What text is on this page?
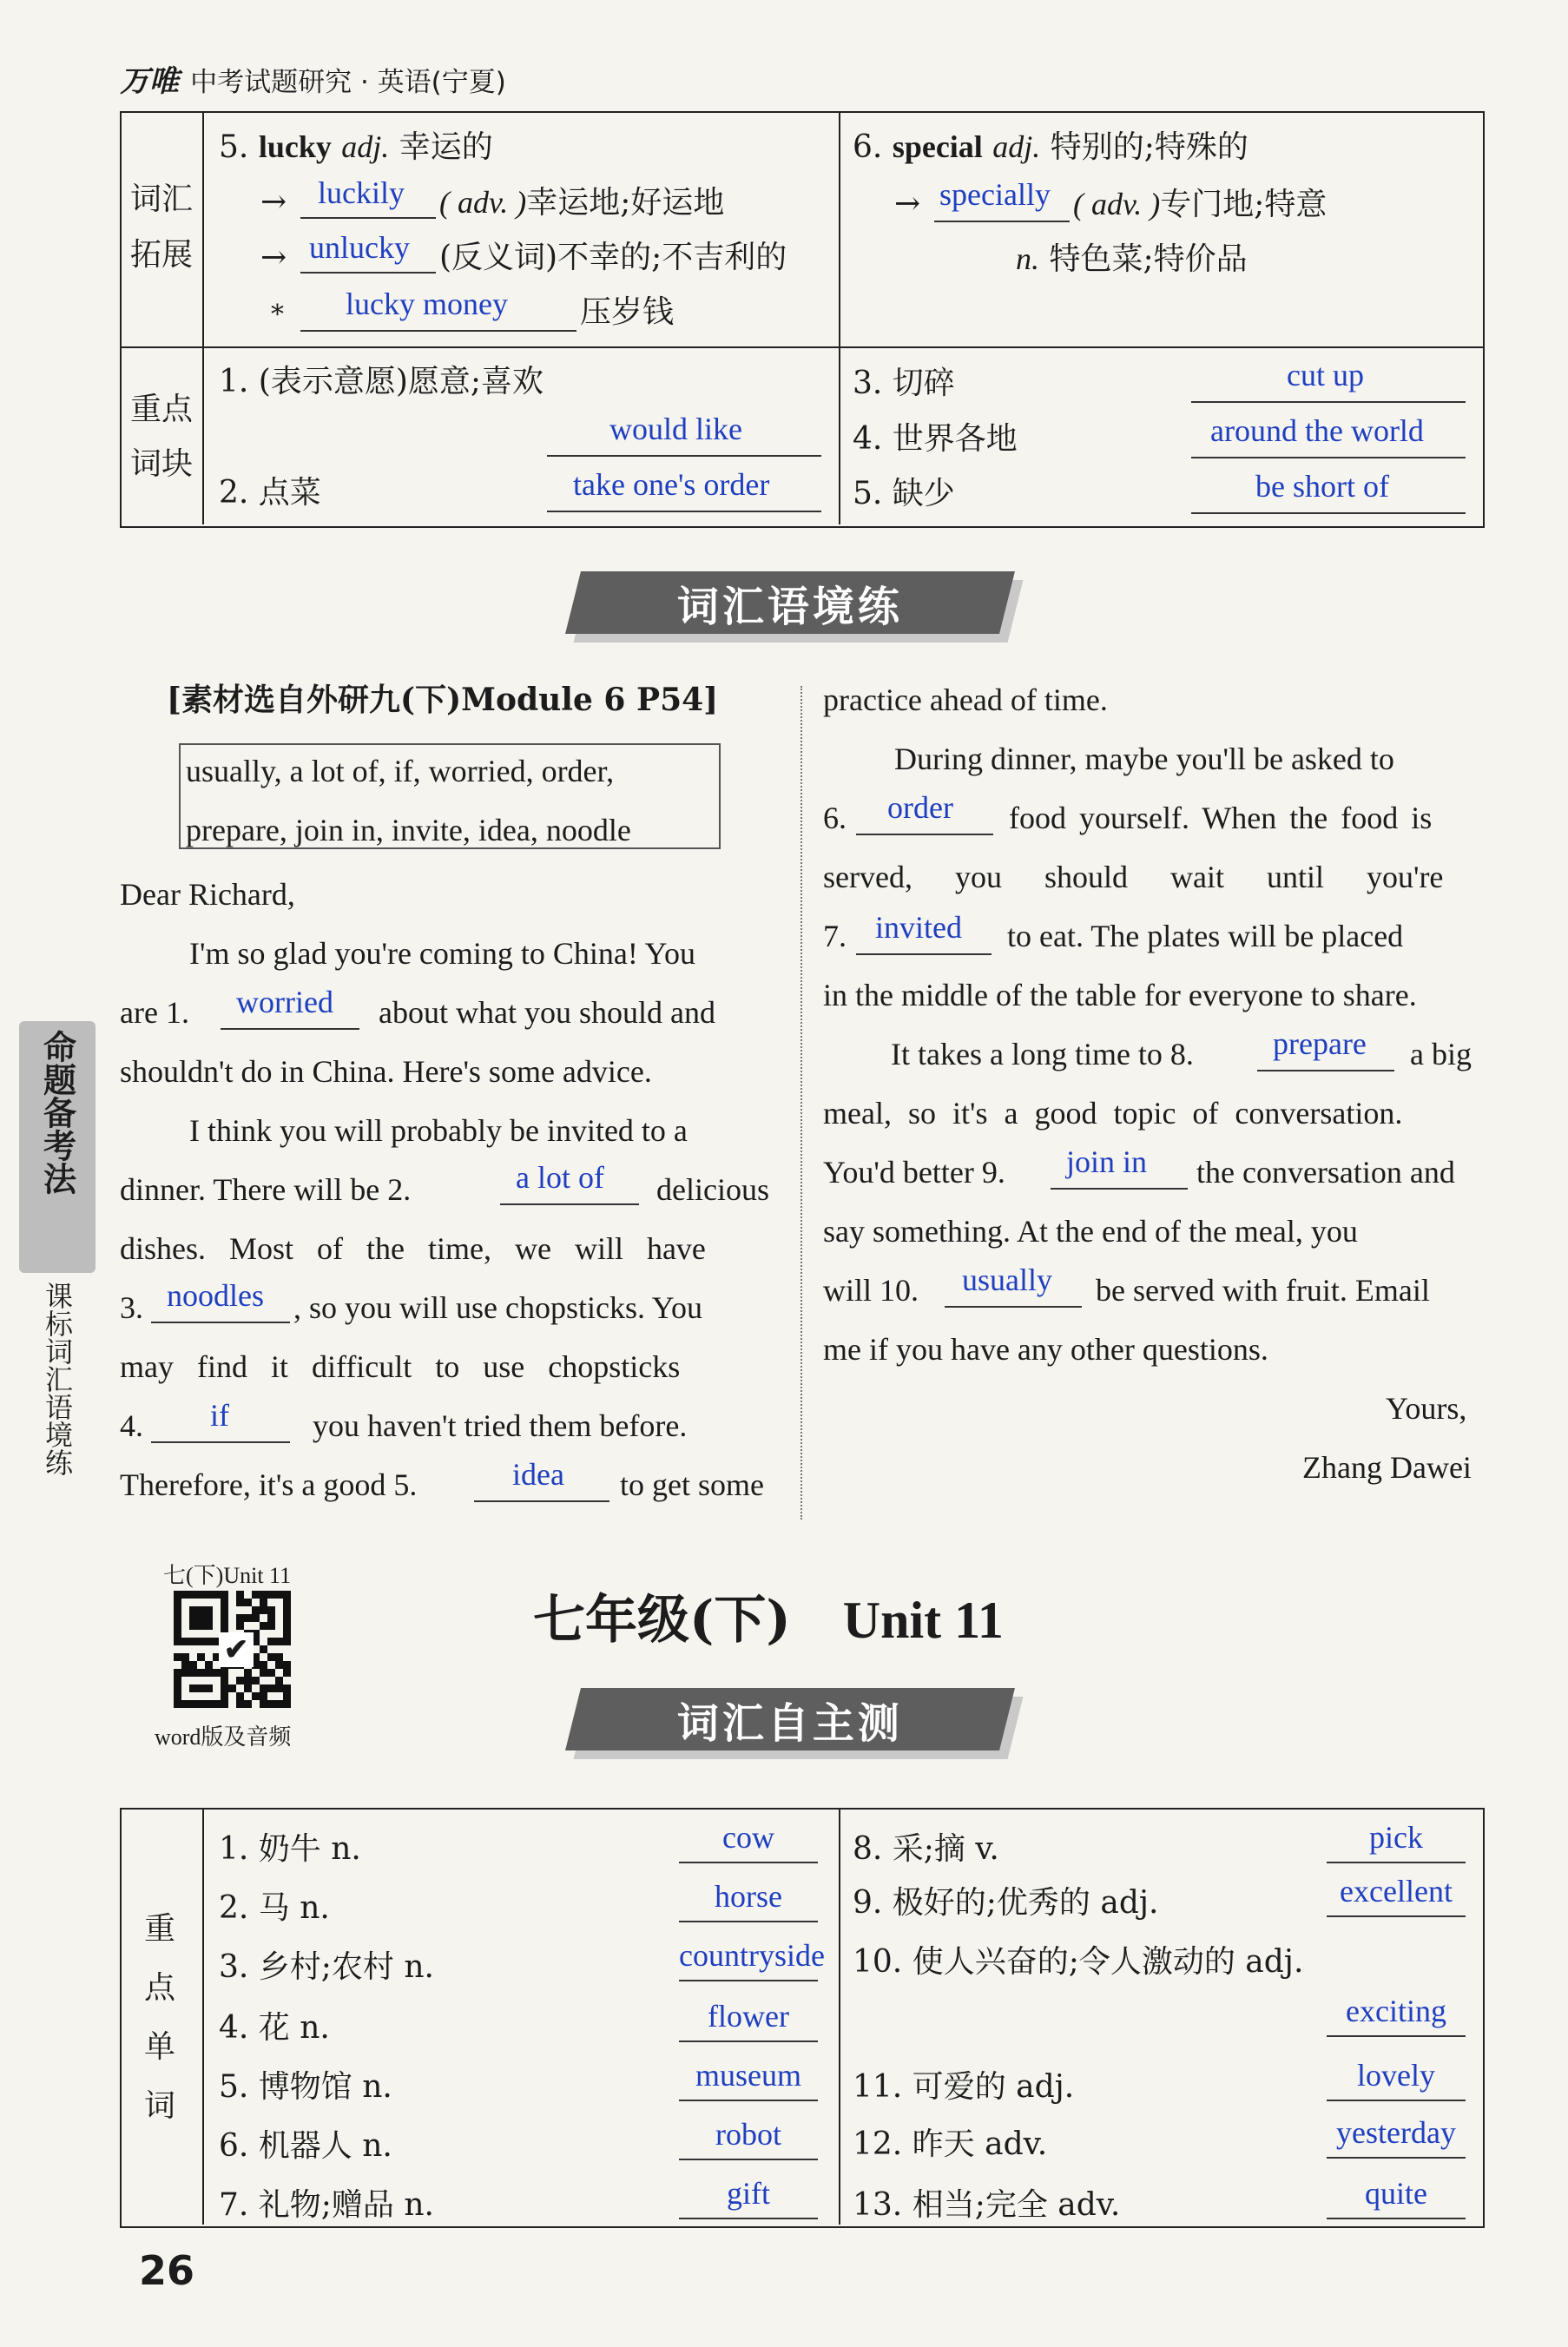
万唯 中考试题研究 · 英语(宁夏)
词汇
拓展
重点
词块
5. lucky adj. 幸运的
→ luckily ( adv. )幸运地;好运地
→ unlucky (反义词)不幸的;不吉利的
* lucky money 压岁钱
6. special adj. 特别的;特殊的
→ specially ( adv. )专门地;特意
n. 特色菜;特价品
1. (表示意愿)愿意;喜欢
would like
2. 点菜	take one's order
3. 切碎	cut up
4. 世界各地	around the world
5. 缺少	be short of
词汇语境练
[素材选自外研九(下)Module 6 P54]
usually, a lot of, if, worried, order,
prepare, join in, invite, idea, noodle
Dear Richard,
I'm so glad you're coming to China! You
are 1. worried about what you should and
shouldn't do in China. Here's some advice.
I think you will probably be invited to a
dinner. There will be 2.	a lot of delicious
dishes. Most of the time, we will have
3. noodles , so you will use chopsticks. You
may find it difficult to use chopsticks
4. if	you haven't tried them before.
Therefore, it's a good 5.	idea to get some
practice ahead of time.
During dinner, maybe you'll be asked to
6. order food yourself. When the food is
served, you should wait until you're
7. invited to eat. The plates will be placed
in the middle of the table for everyone to share.
It takes a long time to 8.	prepare a big
meal, so it's a good topic of conversation.
You'd better 9. join in the conversation and
say something. At the end of the meal, you
will 10. usually be served with fruit. Email
me if you have any other questions.
Yours,
Zhang Dawei
命题备考法
课标词汇语境练
七(下)Unit 11
✔
word版及音频
七年级(下) Unit 11
词汇自主测
重
点
单
词
1. 奶牛 n.	cow
2. 马 n.	horse
3. 乡村;农村 n.	countryside
4. 花 n.	flower
5. 博物馆 n.	museum
6. 机器人 n.	robot
7. 礼物;赠品 n.	gift
8. 采;摘 v.	pick
9. 极好的;优秀的 adj.	excellent
10. 使人兴奋的;令人激动的 adj.
exciting
11. 可爱的 adj.	lovely
12. 昨天 adv.	yesterday
13. 相当;完全 adv.	quite
26
